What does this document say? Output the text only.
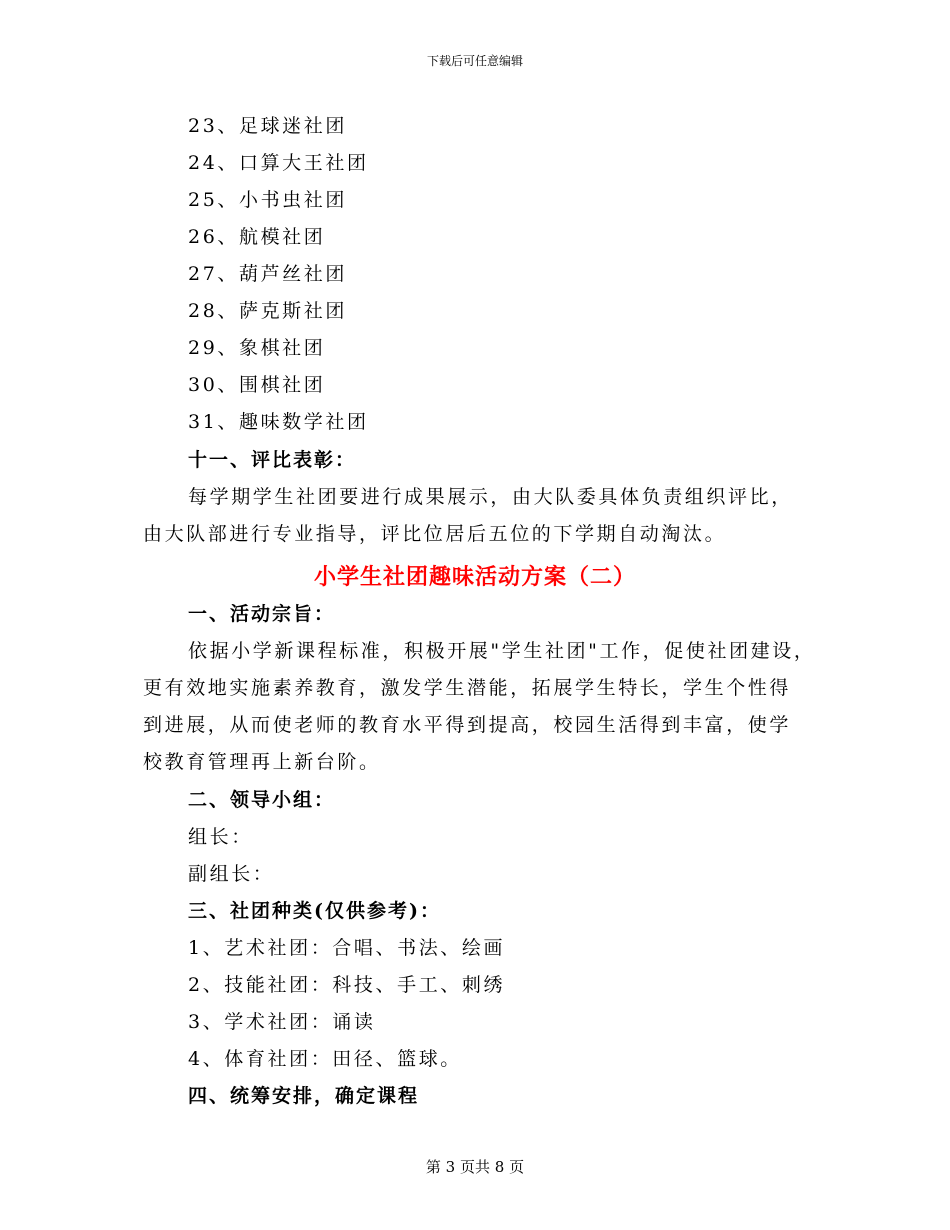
下载后可任意编辑
23、足球迷社团
24、口算大王社团
25、小书虫社团
26、航模社团
27、葫芦丝社团
28、萨克斯社团
29、象棋社团
30、围棋社团
31、趣味数学社团
十一、评比表彰：
每学期学生社团要进行成果展示，由大队委具体负责组织评比，
由大队部进行专业指导，评比位居后五位的下学期自动淘汰。
小学生社团趣味活动方案（二）
一、活动宗旨：
依据小学新课程标准，积极开展"学生社团"工作，促使社团建设，
更有效地实施素养教育，激发学生潜能，拓展学生特长，学生个性得
到进展，从而使老师的教育水平得到提高，校园生活得到丰富，使学
校教育管理再上新台阶。
二、领导小组：
组长：
副组长：
三、社团种类(仅供参考)：
1、艺术社团：合唱、书法、绘画
2、技能社团：科技、手工、刺绣
3、学术社团：诵读
4、体育社团：田径、篮球。
四、统筹安排，确定课程
第 3 页共 8 页
